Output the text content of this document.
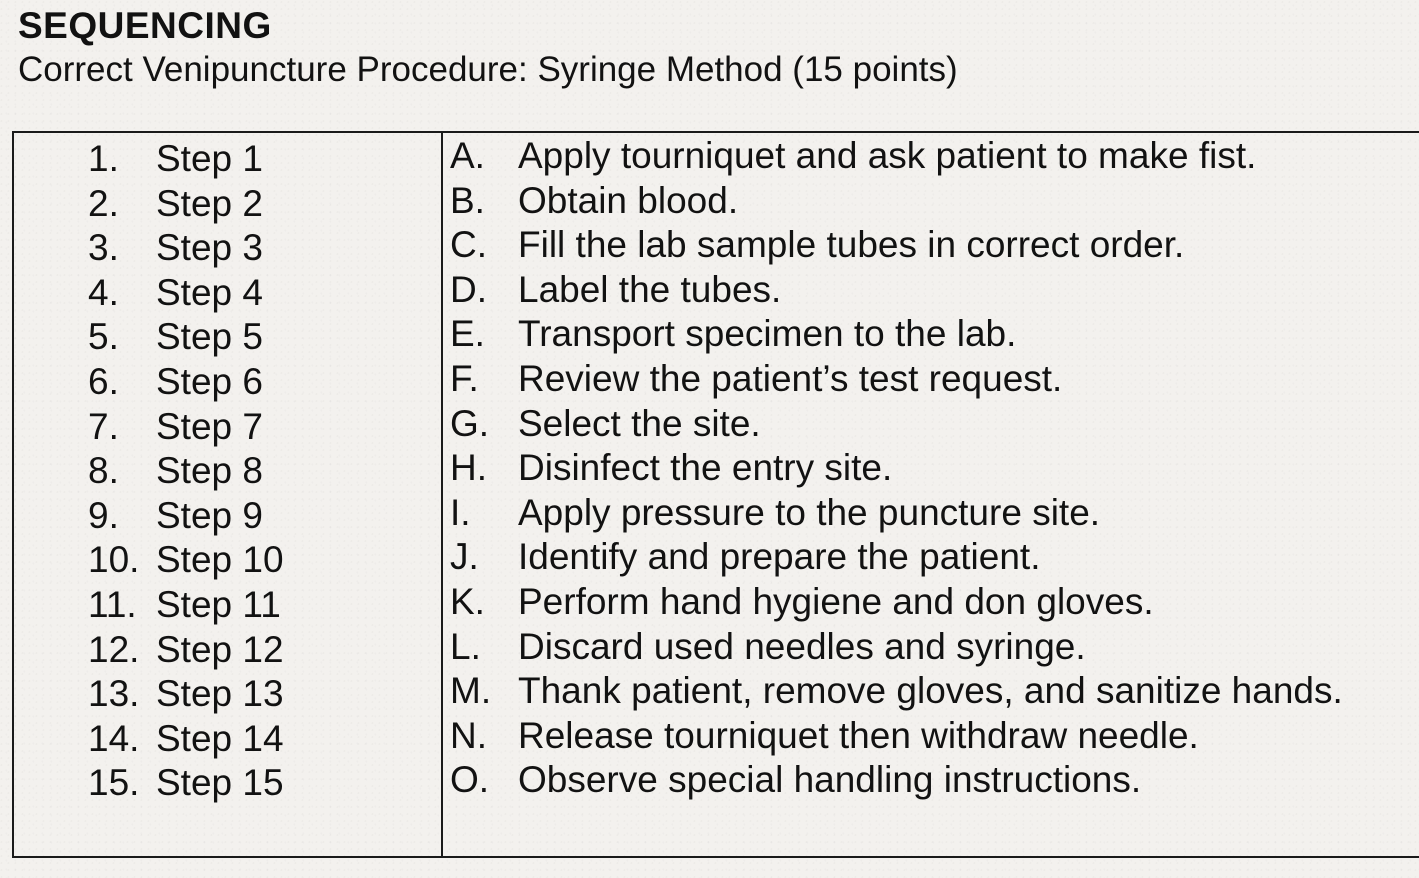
SEQUENCING
Correct Venipuncture Procedure: Syringe Method (15 points)
1.	Step 1
2.	Step 2
3.	Step 3
4.	Step 4
5.	Step 5
6.	Step 6
7.	Step 7
8.	Step 8
9.	Step 9
10. Step 10
11. Step 11
12. Step 12
13. Step 13
14. Step 14
15. Step 15
A. Apply tourniquet and ask patient to make fist.
B. Obtain blood.
C. Fill the lab sample tubes in correct order.
D. Label the tubes.
E. Transport specimen to the lab.
F.	Review the patient’s test request.
G. Select the site.
H. Disinfect the entry site.
I.	Apply pressure to the puncture site.
J.	Identify and prepare the patient.
K. Perform hand hygiene and don gloves.
L.	Discard used needles and syringe.
M. Thank patient, remove gloves, and sanitize hands.
N. Release tourniquet then withdraw needle.
O. Observe special handling instructions.
